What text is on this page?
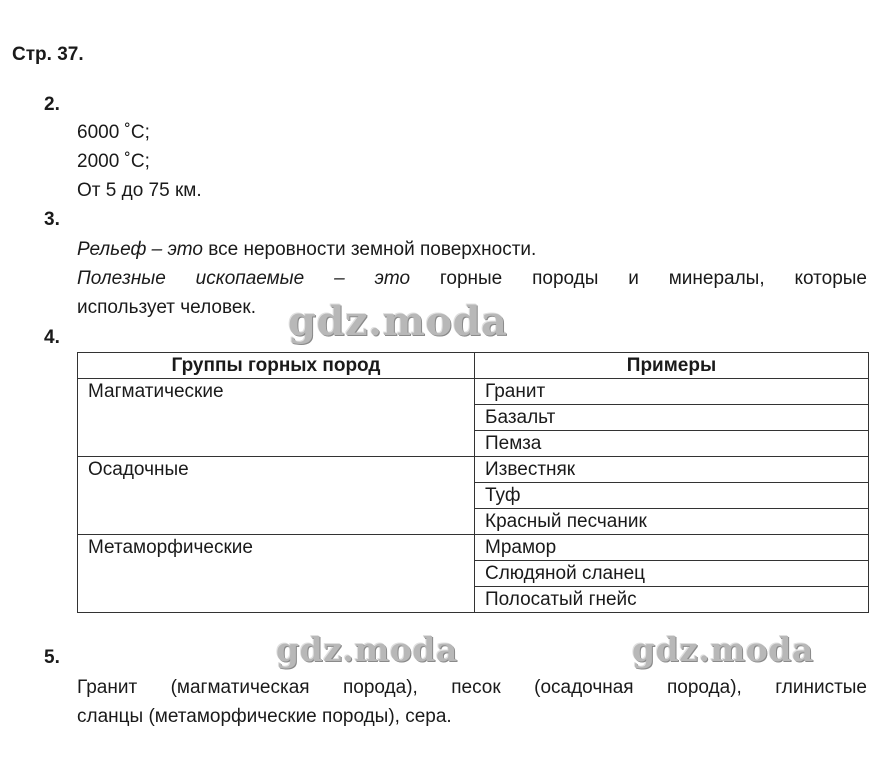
Стр. 37.
2.
6000 ˚С;
2000 ˚С;
От 5 до 75 км.
3.
Рельеф – это все неровности земной поверхности.
Полезные ископаемые – это горные породы и минералы, которые
использует человек. gdz.moda
4.
Группы горных пород	Примеры
Магматические	Гранит
	Базальт
	Пемза
Осадочные	Известняк
	Туф
	Красный песчаник
Метаморфические	Мрамор
	Слюдяной сланец
	Полосатый гнейс
gdz.moda	gdz.moda
5.
Гранит (магматическая порода), песок (осадочная порода), глинистые
сланцы (метаморфические породы), сера.
